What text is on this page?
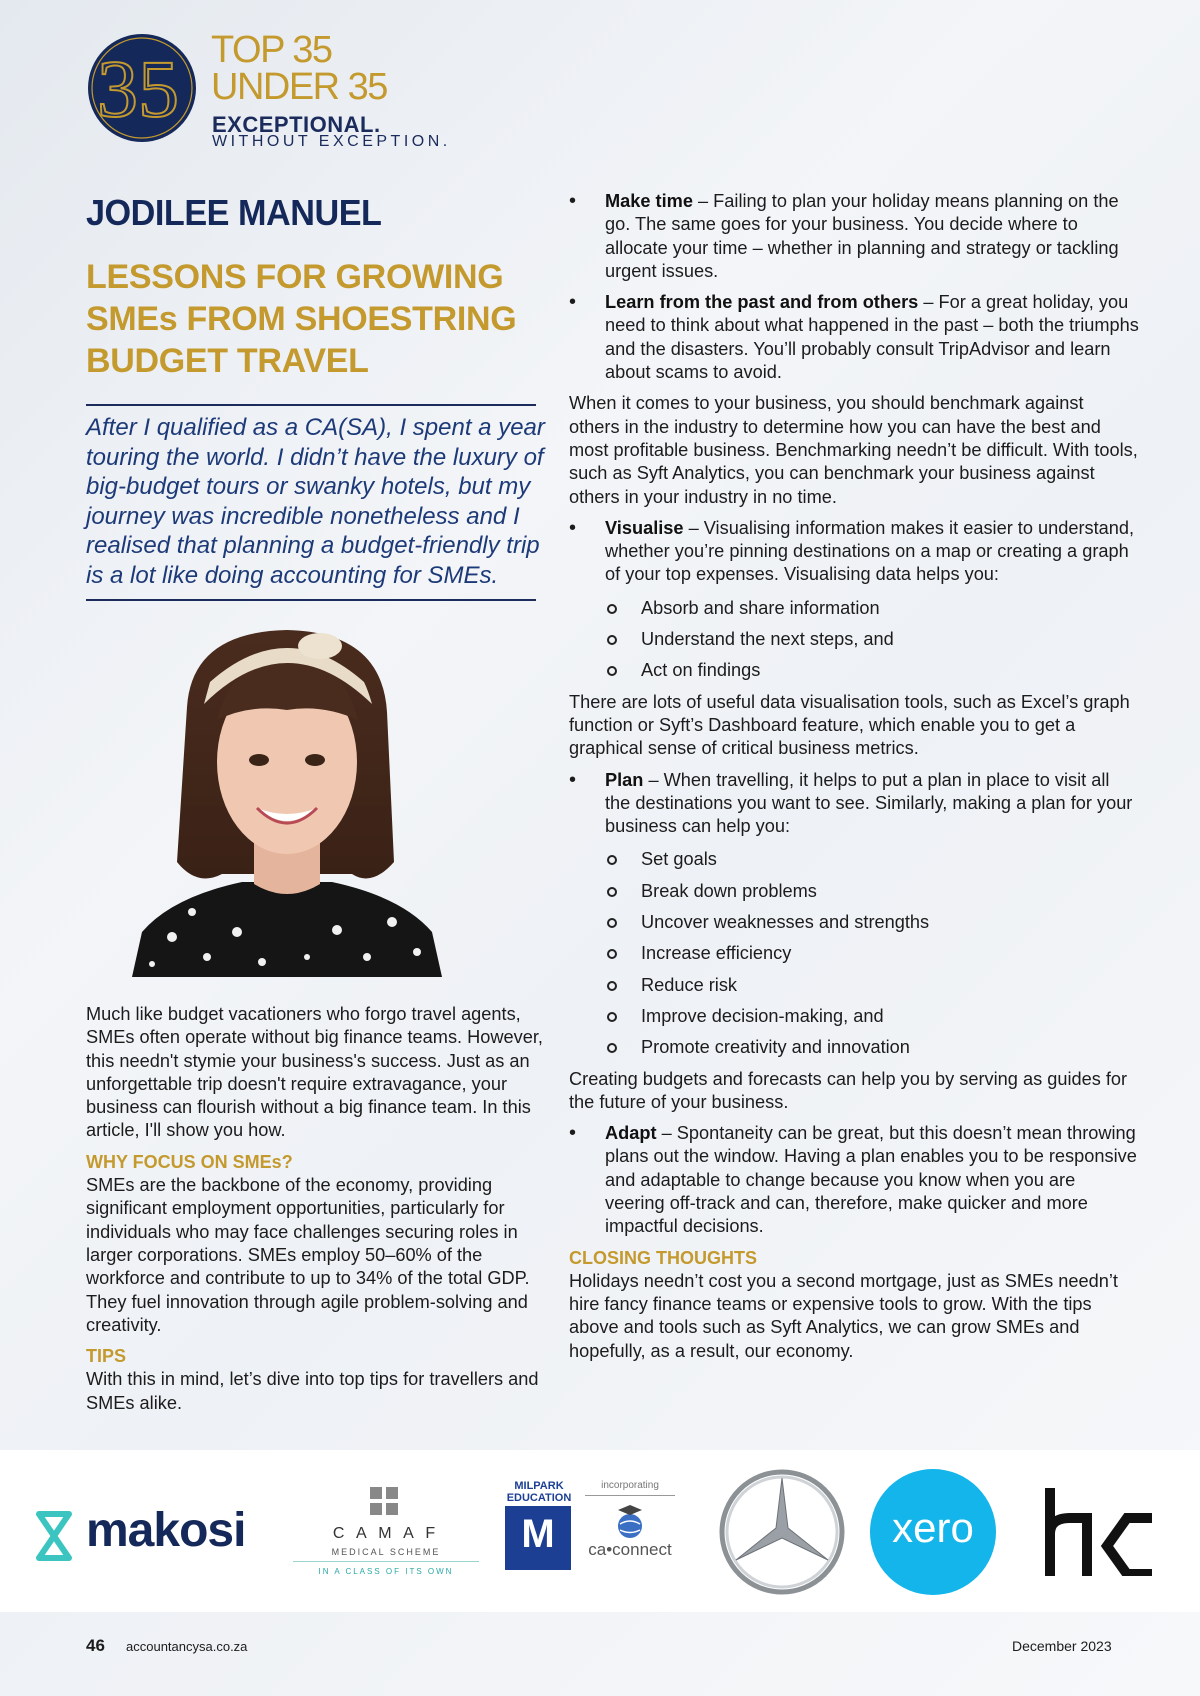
35 TOP 35
UNDER 35
EXCEPTIONAL.
WITHOUT EXCEPTION.
JODILEE MANUEL
LESSONS FOR GROWING
SMEs FROM SHOESTRING
BUDGET TRAVEL
After I qualified as a CA(SA), I spent a year touring the world. I didn’t have the luxury of big-budget tours or swanky hotels, but my journey was incredible nonetheless and I realised that planning a budget-friendly trip is a lot like doing accounting for SMEs.

Much like budget vacationers who forgo travel agents, SMEs often operate without big finance teams. However, this needn't stymie your business's success. Just as an unforgettable trip doesn't require extravagance, your business can flourish without a big finance team. In this article, I'll show you how.

WHY FOCUS ON SMEs?

SMEs are the backbone of the economy, providing significant employment opportunities, particularly for individuals who may face challenges securing roles in larger corporations. SMEs employ 50–60% of the workforce and contribute to up to 34% of the total GDP. They fuel innovation through agile problem-solving and creativity.

TIPS

With this in mind, let’s dive into top tips for travellers and SMEs alike.

• Make time – Failing to plan your holiday means planning on the go. The same goes for your business. You decide where to allocate your time – whether in planning and strategy or tackling urgent issues.
• Learn from the past and from others – For a great holiday, you need to think about what happened in the past – both the triumphs and the disasters. You’ll probably consult TripAdvisor and learn about scams to avoid.

When it comes to your business, you should benchmark against others in the industry to determine how you can have the best and most profitable business. Benchmarking needn’t be difficult. With tools, such as Syft Analytics, you can benchmark your business against others in your industry in no time.

• Visualise – Visualising information makes it easier to understand, whether you’re pinning destinations on a map or creating a graph of your top expenses. Visualising data helps you:
Absorb and share information
Understand the next steps, and
Act on findings

There are lots of useful data visualisation tools, such as Excel’s graph function or Syft’s Dashboard feature, which enable you to get a graphical sense of critical business metrics.

• Plan – When travelling, it helps to put a plan in place to visit all the destinations you want to see. Similarly, making a plan for your business can help you:
Set goals
Break down problems
Uncover weaknesses and strengths
Increase efficiency
Reduce risk
Improve decision-making, and
Promote creativity and innovation

Creating budgets and forecasts can help you by serving as guides for the future of your business.

• Adapt – Spontaneity can be great, but this doesn’t mean throwing plans out the window. Having a plan enables you to be responsive and adaptable to change because you know when you are veering off-track and can, therefore, make quicker and more impactful decisions.
CLOSING THOUGHTS

Holidays needn’t cost you a second mortgage, just as SMEs needn’t hire fancy finance teams or expensive tools to grow. With the tips above and tools such as Syft Analytics, we can grow SMEs and hopefully, as a result, our economy.

makosi	C A M A F
MEDICAL SCHEME
IN A CLASS OF ITS OWN
MILPARK
EDUCATION
M
incorporating
ca•connect	xero
46 accountancysa.co.za	December 2023
